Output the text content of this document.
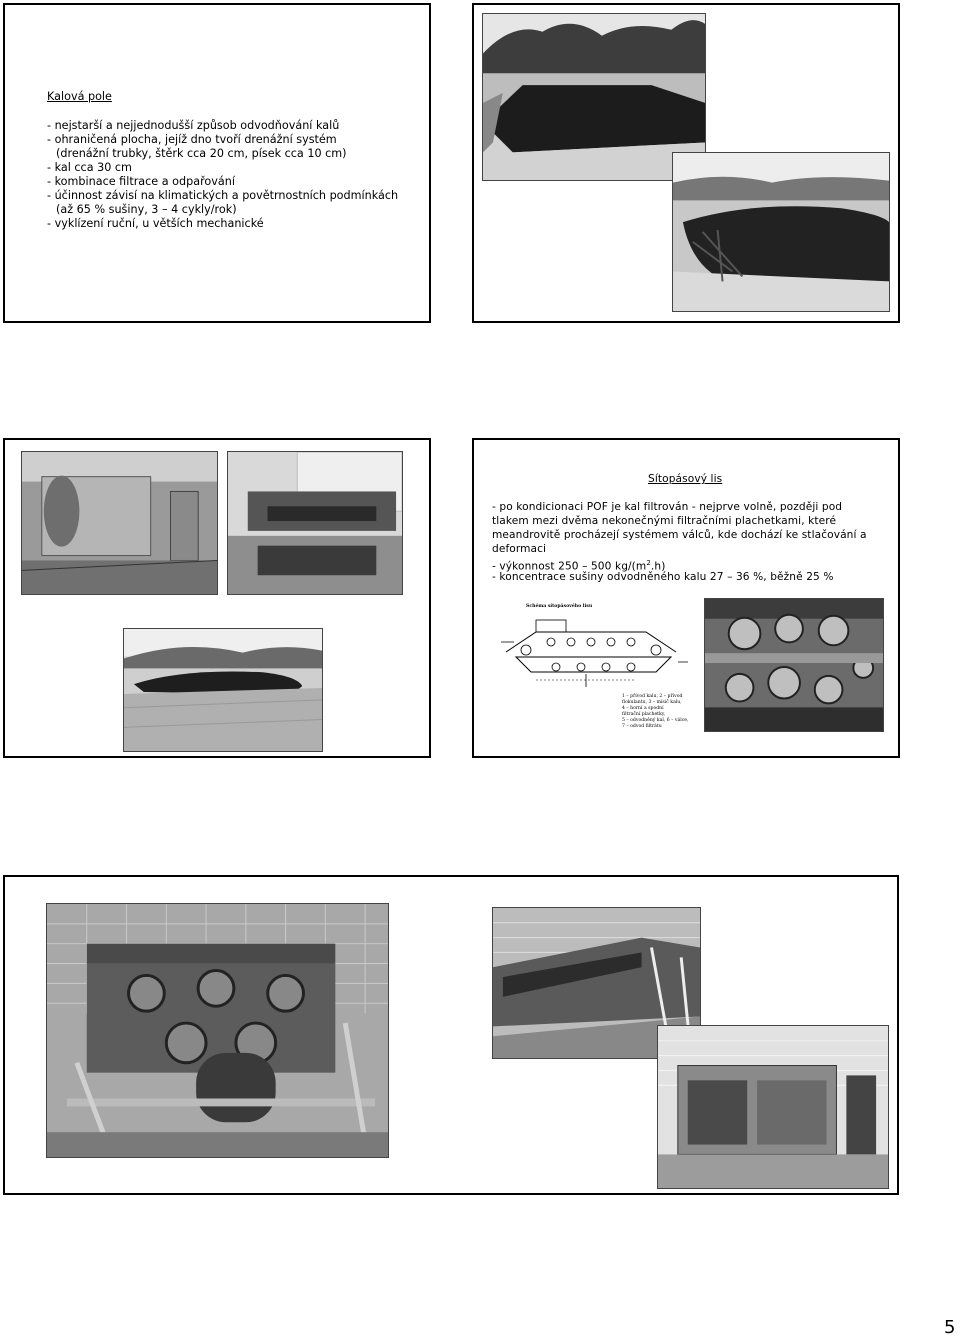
Kalová pole
- nejstarší a nejjednodušší způsob odvodňování kalů
- ohraničená plocha, jejíž dno tvoří drenážní systém
(drenážní trubky, štěrk cca 20 cm, písek cca 10 cm)
- kal cca 30 cm
- kombinace filtrace a odpařování
- účinnost závisí na klimatických a povětrnostních podmínkách
(až 65 % sušiny, 3 – 4 cykly/rok)
- vyklízení ruční, u větších mechanické
Sítopásový lis
- po kondicionaci POF je kal filtrován - nejprve volně, později pod
tlakem mezi dvěma nekonečnými filtračními plachetkami, které
meandrovitě procházejí systémem válců, kde dochází ke stlačování a
deformaci
- výkonnost 250 – 500 $kg/(m^2.h)$
- koncentrace sušiny odvodněného kalu 27 – 36 %, běžně 25 %
Schéma sítopásového lisu
1 – přívod kalu, 2 – přívod
flokulantu, 3 – mísič kalu,
4 – horní a spodní
filtrační plachetky,
5 – odvodněný kal, 6 – válce,
7 – odvod filtrátu
5
